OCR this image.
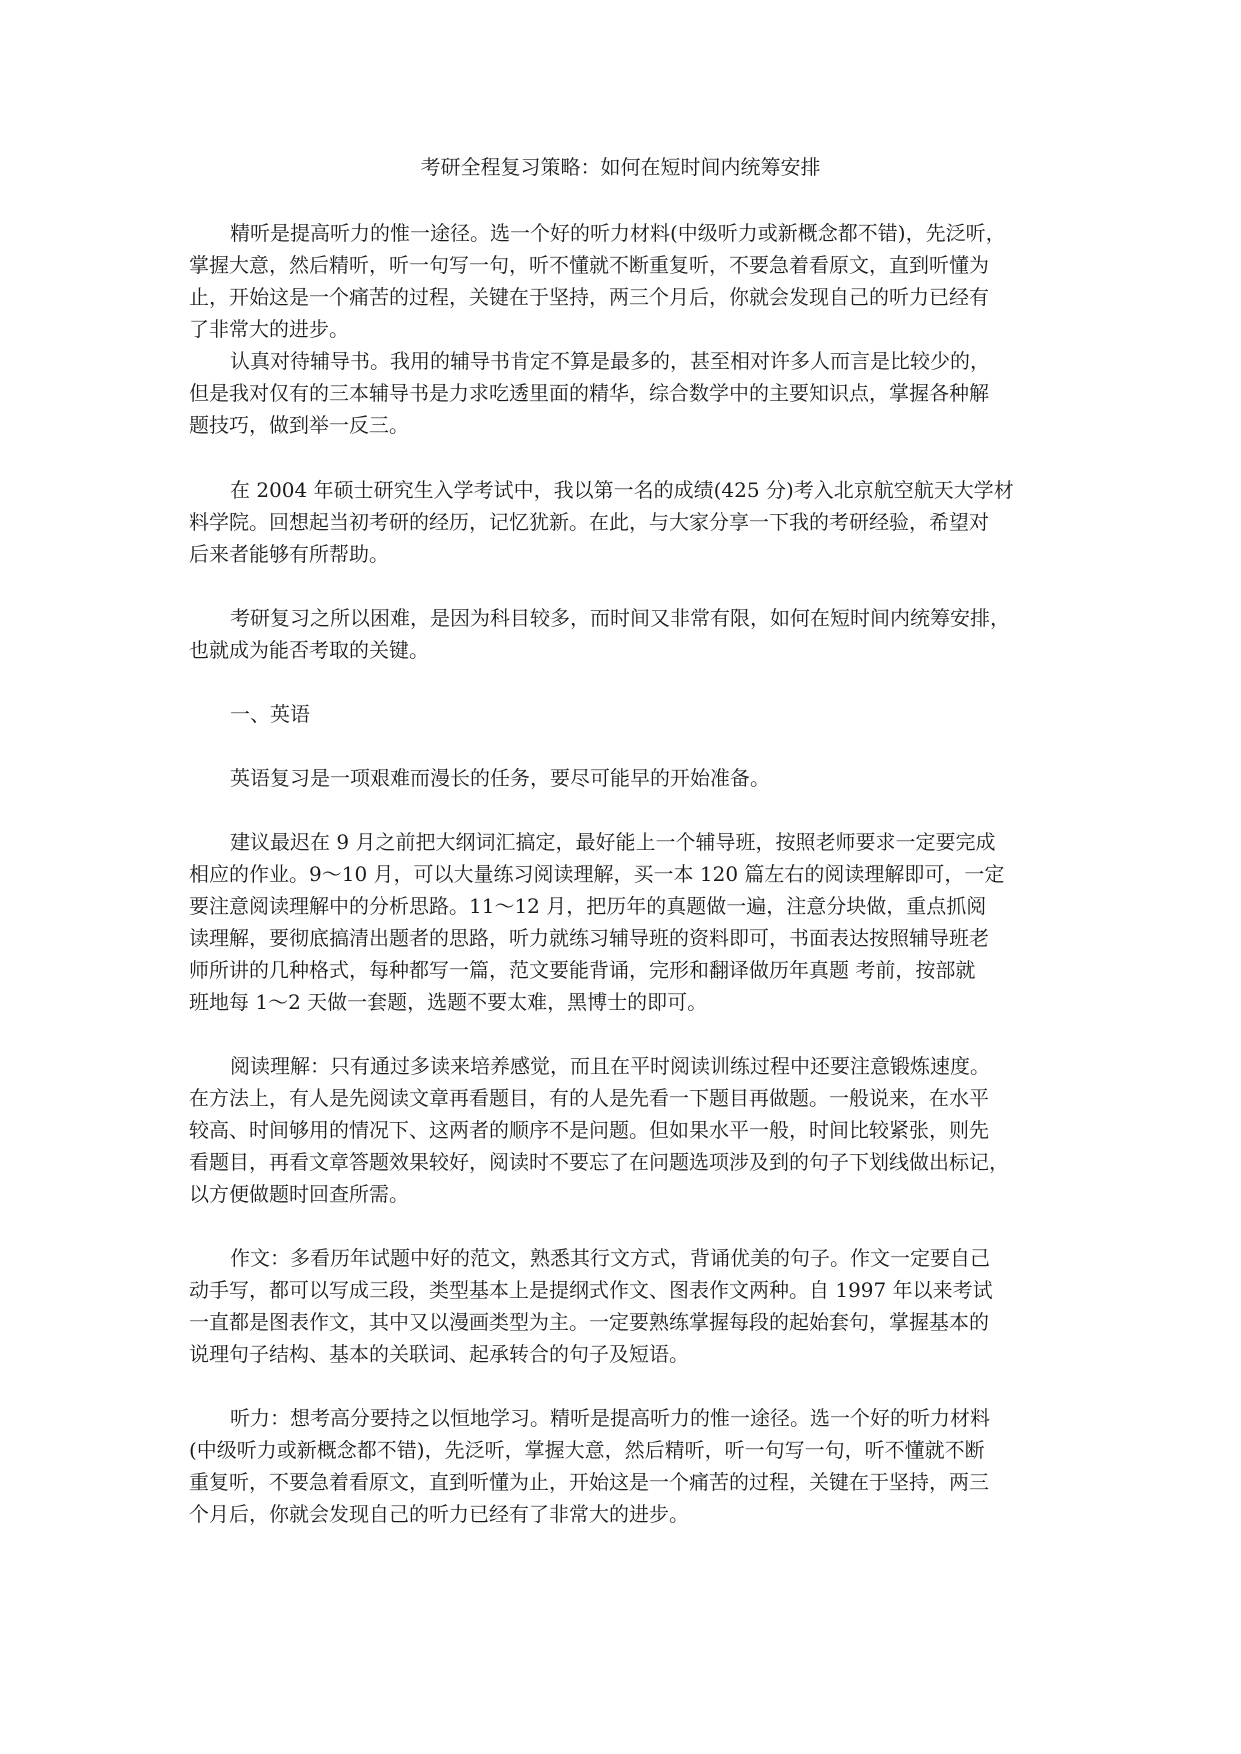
考研全程复习策略：如何在短时间内统筹安排
精听是提高听力的惟一途径。选一个好的听力材料(中级听力或新概念都不错)，先泛听，
掌握大意，然后精听，听一句写一句，听不懂就不断重复听，不要急着看原文，直到听懂为
止，开始这是一个痛苦的过程，关键在于坚持，两三个月后，你就会发现自己的听力已经有
了非常大的进步。
认真对待辅导书。我用的辅导书肯定不算是最多的，甚至相对许多人而言是比较少的，
但是我对仅有的三本辅导书是力求吃透里面的精华，综合数学中的主要知识点，掌握各种解
题技巧，做到举一反三。
在 2004 年硕士研究生入学考试中，我以第一名的成绩(425 分)考入北京航空航天大学材
料学院。回想起当初考研的经历，记忆犹新。在此，与大家分享一下我的考研经验，希望对
后来者能够有所帮助。
考研复习之所以困难，是因为科目较多，而时间又非常有限，如何在短时间内统筹安排，
也就成为能否考取的关键。
一、英语
英语复习是一项艰难而漫长的任务，要尽可能早的开始准备。
建议最迟在 9 月之前把大纲词汇搞定，最好能上一个辅导班，按照老师要求一定要完成
相应的作业。9～10 月，可以大量练习阅读理解，买一本 120 篇左右的阅读理解即可，一定
要注意阅读理解中的分析思路。11～12 月，把历年的真题做一遍，注意分块做，重点抓阅
读理解，要彻底搞清出题者的思路，听力就练习辅导班的资料即可，书面表达按照辅导班老
师所讲的几种格式，每种都写一篇，范文要能背诵，完形和翻译做历年真题 考前，按部就
班地每 1～2 天做一套题，选题不要太难，黑博士的即可。
阅读理解：只有通过多读来培养感觉，而且在平时阅读训练过程中还要注意锻炼速度。
在方法上，有人是先阅读文章再看题目，有的人是先看一下题目再做题。一般说来，在水平
较高、时间够用的情况下、这两者的顺序不是问题。但如果水平一般，时间比较紧张，则先
看题目，再看文章答题效果较好，阅读时不要忘了在问题选项涉及到的句子下划线做出标记，
以方便做题时回查所需。
作文：多看历年试题中好的范文，熟悉其行文方式，背诵优美的句子。作文一定要自己
动手写，都可以写成三段，类型基本上是提纲式作文、图表作文两种。自 1997 年以来考试
一直都是图表作文，其中又以漫画类型为主。一定要熟练掌握每段的起始套句，掌握基本的
说理句子结构、基本的关联词、起承转合的句子及短语。
听力：想考高分要持之以恒地学习。精听是提高听力的惟一途径。选一个好的听力材料
(中级听力或新概念都不错)，先泛听，掌握大意，然后精听，听一句写一句，听不懂就不断
重复听，不要急着看原文，直到听懂为止，开始这是一个痛苦的过程，关键在于坚持，两三
个月后，你就会发现自己的听力已经有了非常大的进步。
